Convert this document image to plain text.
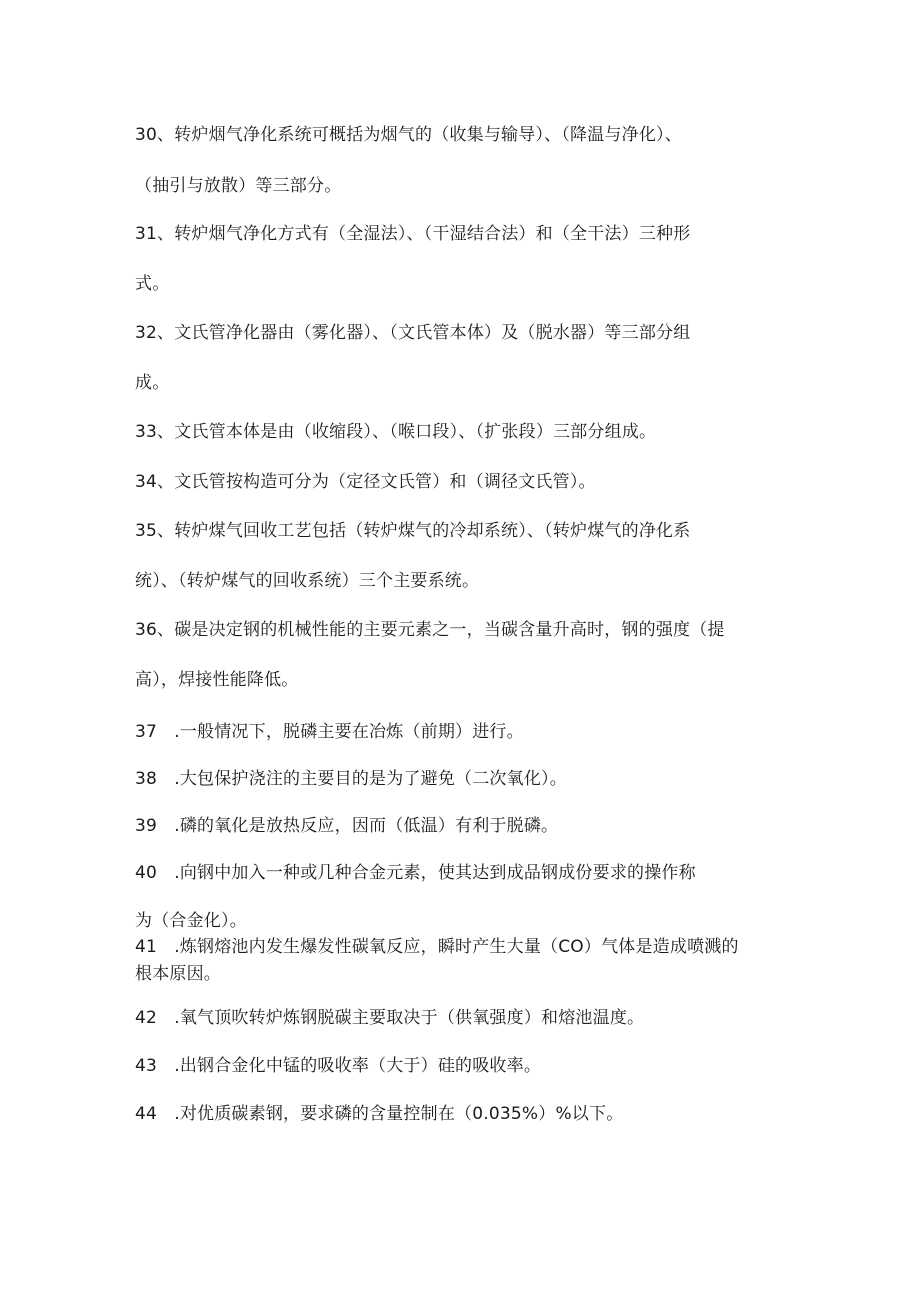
30、转炉烟气净化系统可概括为烟气的（收集与输导）、（降温与净化）、
（抽引与放散）等三部分。
31、转炉烟气净化方式有（全湿法）、（干湿结合法）和（全干法）三种形
式。
32、文氏管净化器由（雾化器）、（文氏管本体）及（脱水器）等三部分组
成。
33、文氏管本体是由（收缩段）、（喉口段）、（扩张段）三部分组成。
34、文氏管按构造可分为（定径文氏管）和（调径文氏管）。
35、转炉煤气回收工艺包括（转炉煤气的冷却系统）、（转炉煤气的净化系
统）、（转炉煤气的回收系统）三个主要系统。
36、碳是决定钢的机械性能的主要元素之一，当碳含量升高时，钢的强度（提
高），焊接性能降低。
37　.一般情况下，脱磷主要在冶炼（前期）进行。
38　.大包保护浇注的主要目的是为了避免（二次氧化）。
39　.磷的氧化是放热反应，因而（低温）有利于脱磷。
40　.向钢中加入一种或几种合金元素，使其达到成品钢成份要求的操作称
为（合金化）。
41　.炼钢熔池内发生爆发性碳氧反应，瞬时产生大量（CO）气体是造成喷溅的
根本原因。
42　.氧气顶吹转炉炼钢脱碳主要取决于（供氧强度）和熔池温度。
43　.出钢合金化中锰的吸收率（大于）硅的吸收率。
44　.对优质碳素钢，要求磷的含量控制在（0.035%）%以下。
